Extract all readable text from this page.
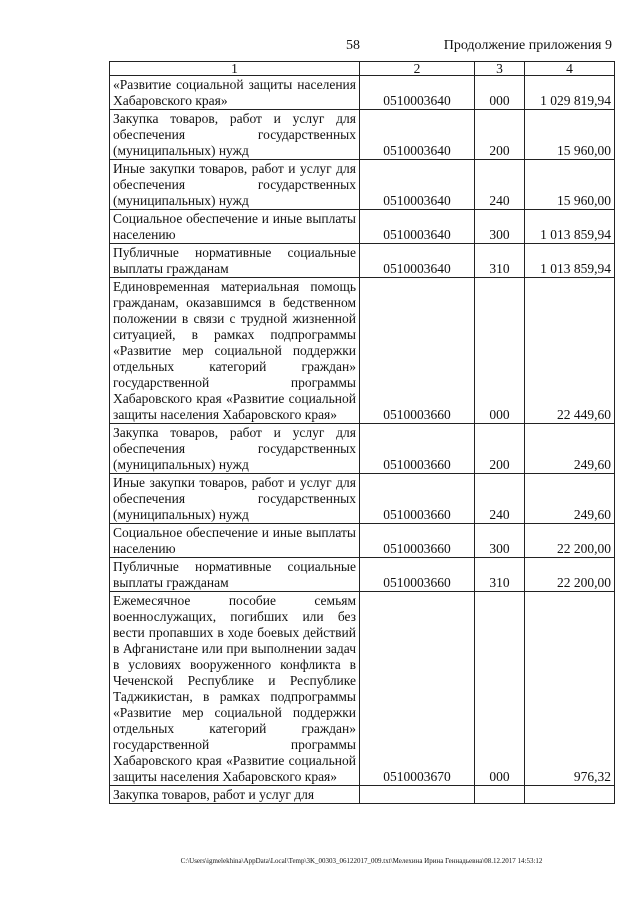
58	Продолжение приложения 9
1	2	3	4
«Развитие социальной защиты населения Хабаровского края»	0510003640	000	1 029 819,94
Закупка товаров, работ и услуг для обеспечения государственных (муниципальных) нужд	0510003640	200	15 960,00
Иные закупки товаров, работ и услуг для обеспечения государственных (муниципальных) нужд	0510003640	240	15 960,00
Социальное обеспечение и иные выплаты населению	0510003640	300	1 013 859,94
Публичные нормативные социальные выплаты гражданам	0510003640	310	1 013 859,94
Единовременная материальная помощь гражданам, оказавшимся в бедственном положении в связи с трудной жизненной ситуацией, в рамках подпрограммы «Развитие мер социальной поддержки отдельных категорий граждан» государственной программы Хабаровского края «Развитие социальной защиты населения Хабаровского края»	0510003660	000	22 449,60
Закупка товаров, работ и услуг для обеспечения государственных (муниципальных) нужд	0510003660	200	249,60
Иные закупки товаров, работ и услуг для обеспечения государственных (муниципальных) нужд	0510003660	240	249,60
Социальное обеспечение и иные выплаты населению	0510003660	300	22 200,00
Публичные нормативные социальные выплаты гражданам	0510003660	310	22 200,00
Ежемесячное пособие семьям военнослужащих, погибших или без вести пропавших в ходе боевых действий в Афганистане или при выполнении задач в условиях вооруженного конфликта в Чеченской Республике и Республике Таджикистан, в рамках подпрограммы «Развитие мер социальной поддержки отдельных категорий граждан» государственной программы Хабаровского края «Развитие социальной защиты населения Хабаровского края»	0510003670	000	976,32
Закупка товаров, работ и услуг для			
C:\Users\igmelekhina\AppData\Local\Temp\3K_00303_06122017_009.txt\Мелехина Ирина Геннадьевна\08.12.2017 14:53:12
